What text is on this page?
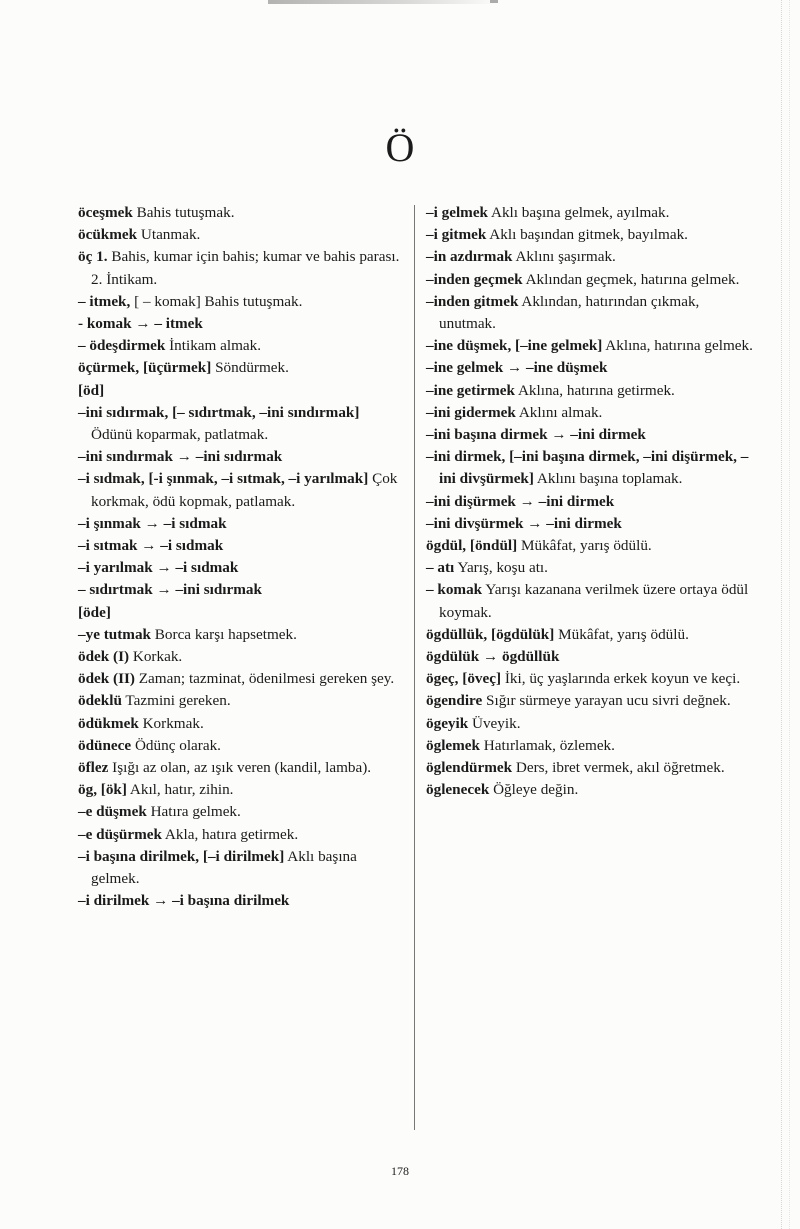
Ö

öceşmek Bahis tutuşmak.

öcükmek Utanmak.

öç 1. Bahis, kumar için bahis; kumar ve bahis parası. 2. İntikam.

– itmek, [ – komak] Bahis tutuşmak.

- komak → – itmek

– ödeşdirmek İntikam almak.

öçürmek, [üçürmek] Söndürmek.

[öd]

–ini sıdırmak, [– sıdırtmak, –ini sındırmak] Ödünü koparmak, patlatmak.

–ini sındırmak → –ini sıdırmak

–i sıdmak, [-i şınmak, –i sıtmak, –i yarılmak] Çok korkmak, ödü kopmak, patlamak.

–i şınmak → –i sıdmak

–i sıtmak → –i sıdmak

–i yarılmak → –i sıdmak

– sıdırtmak → –ini sıdırmak

[öde]

–ye tutmak Borca karşı hapsetmek.

ödek (I) Korkak.

ödek (II) Zaman; tazminat, ödenilmesi gereken şey.

ödeklü Tazmini gereken.

ödükmek Korkmak.

ödünece Ödünç olarak.

öflez Işığı az olan, az ışık veren (kandil, lamba).

ög, [ök] Akıl, hatır, zihin.

–e düşmek Hatıra gelmek.

–e düşürmek Akla, hatıra getirmek.

–i başına dirilmek, [–i dirilmek] Aklı başına gelmek.

–i dirilmek → –i başına dirilmek

–i gelmek Aklı başına gelmek, ayılmak.

–i gitmek Aklı başından gitmek, bayılmak.

–in azdırmak Aklını şaşırmak.

–inden geçmek Aklından geçmek, hatırına gelmek.

–inden gitmek Aklından, hatırından çıkmak, unutmak.

–ine düşmek, [–ine gelmek] Aklına, hatırına gelmek.

–ine gelmek → –ine düşmek

–ine getirmek Aklına, hatırına getirmek.

–ini gidermek Aklını almak.

–ini başına dirmek → –ini dirmek

–ini dirmek, [–ini başına dirmek, –ini dişürmek, –ini divşürmek] Aklını başına toplamak.

–ini dişürmek → –ini dirmek

–ini divşürmek → –ini dirmek

ögdül, [öndül] Mükâfat, yarış ödülü.

– atı Yarış, koşu atı.

– komak Yarışı kazanana verilmek üzere ortaya ödül koymak.

ögdüllük, [ögdülük] Mükâfat, yarış ödülü.

ögdülük → ögdüllük

ögeç, [öveç] İki, üç yaşlarında erkek koyun ve keçi.

ögendire Sığır sürmeye yarayan ucu sivri değnek.

ögeyik Üveyik.

öglemek Hatırlamak, özlemek.

öglendürmek Ders, ibret vermek, akıl öğretmek.

öglenecek Öğleye değin.

178
